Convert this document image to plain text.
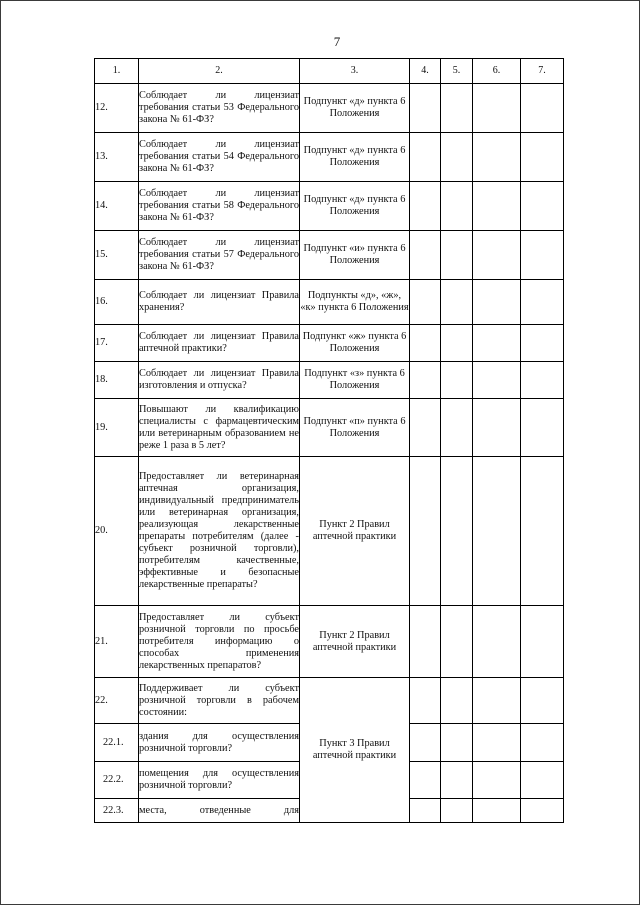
7
1.	2.	3.	4.	5.	6.	7.
12.	Соблюдает ли лицензиат требования статьи 53 Федерального закона № 61-ФЗ?	Подпункт «д» пункта 6 Положения				
13.	Соблюдает ли лицензиат требования статьи 54 Федерального закона № 61-ФЗ?	Подпункт «д» пункта 6 Положения				
14.	Соблюдает ли лицензиат требования статьи 58 Федерального закона № 61-ФЗ?	Подпункт «д» пункта 6 Положения				
15.	Соблюдает ли лицензиат требования статьи 57 Федерального закона № 61-ФЗ?	Подпункт «и» пункта 6 Положения				
16.	Соблюдает ли лицензиат Правила хранения?	Подпункты «д», «ж», «к» пункта 6 Положения				
17.	Соблюдает ли лицензиат Правила аптечной практики?	Подпункт «ж» пункта 6 Положения				
18.	Соблюдает ли лицензиат Правила изготовления и отпуска?	Подпункт «з» пункта 6 Положения				
19.	Повышают ли квалификацию специалисты с фармацевтическим или ветеринарным образованием не реже 1 раза в 5 лет?	Подпункт «п» пункта 6 Положения				
20.	Предоставляет ли ветеринарная аптечная организация, индивидуальный предприниматель или ветеринарная организация, реализующая лекарственные препараты потребителям (далее - субъект розничной торговли), потребителям качественные, эффективные и безопасные лекарственные препараты?	Пункт 2 Правил аптечной практики				
21.	Предоставляет ли субъект розничной торговли по просьбе потребителя информацию о способах применения лекарственных препаратов?	Пункт 2 Правил аптечной практики				
22.	Поддерживает ли субъект розничной торговли в рабочем состоянии:	Пункт 3 Правил аптечной практики				
22.1.	здания для осуществления розничной торговли?					
22.2.	помещения для осуществления розничной торговли?					
22.3.	места, отведенные для					
